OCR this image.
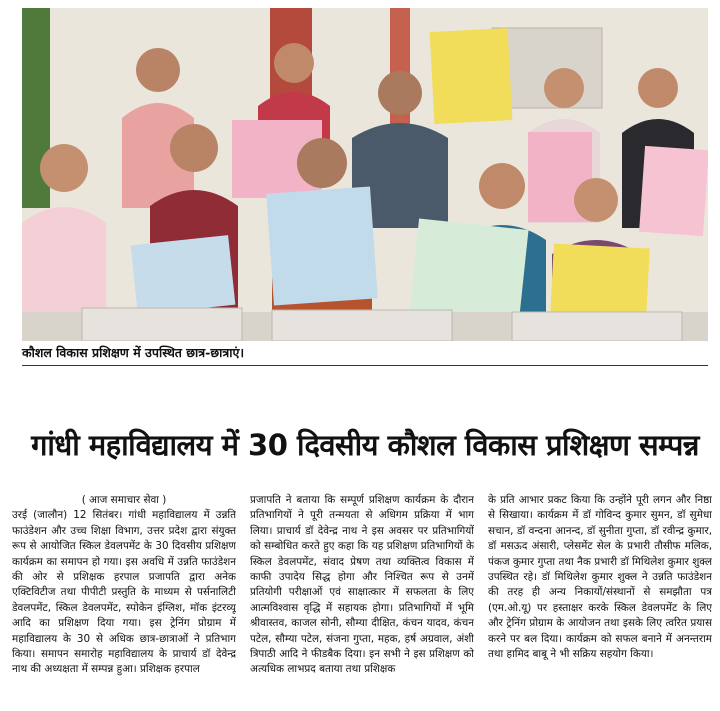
कौशल विकास प्रशिक्षण में उपस्थित छात्र-छात्राएं।
गांधी महाविद्यालय में 30 दिवसीय कौशल विकास प्रशिक्षण सम्पन्न

( आज समाचार सेवा )

उरई (जालौन) 12 सितंबर। गांधी महाविद्यालय में उन्नति फाउंडेशन और उच्च शिक्षा विभाग, उत्तर प्रदेश द्वारा संयुक्त रूप से आयोजित स्किल डेवलपमेंट के 30 दिवसीय प्रशिक्षण कार्यक्रम का समापन हो गया। इस अवधि में उन्नति फाउंडेशन की ओर से प्रशिक्षक हरपाल प्रजापति द्वारा अनेक एक्टिविटीज तथा पीपीटी प्रस्तुति के माध्यम से पर्सनालिटी डेवलपमेंट, स्किल डेवलपमेंट, स्पोकेन इंग्लिश, मॉक इंटरव्यू आदि का प्रशिक्षण दिया गया। इस ट्रेनिंग प्रोग्राम में महाविद्यालय के 30 से अधिक छात्र-छात्राओं ने प्रतिभाग किया। समापन समारोह महाविद्यालय के प्राचार्य डॉ देवेन्द्र नाथ की अध्यक्षता में सम्पन्न हुआ। प्रशिक्षक हरपाल

प्रजापति ने बताया कि सम्पूर्ण प्रशिक्षण कार्यक्रम के दौरान प्रतिभागियों ने पूरी तन्मयता से अधिगम प्रक्रिया में भाग लिया। प्राचार्य डॉ देवेन्द्र नाथ ने इस अवसर पर प्रतिभागियों को सम्बोधित करते हुए कहा कि यह प्रशिक्षण प्रतिभागियों के स्किल डेवलपमेंट, संवाद प्रेषण तथा व्यक्तित्व विकास में काफी उपादेय सिद्ध होगा और निश्चित रूप से उनमें प्रतियोगी परीक्षाओं एवं साक्षात्कार में सफलता के लिए आत्मविश्वास वृद्धि में सहायक होगा। प्रतिभागियों में भूमि श्रीवास्तव, काजल सोनी, सौम्या दीक्षित, कंचन यादव, कंचन पटेल, सौम्या पटेल, संजना गुप्ता, महक, हर्ष अग्रवाल, अंशी त्रिपाठी आदि ने फीडबैक दिया। इन सभी ने इस प्रशिक्षण को अत्यधिक लाभप्रद बताया तथा प्रशिक्षक

के प्रति आभार प्रकट किया कि उन्होंने पूरी लगन और निष्ठा से सिखाया। कार्यक्रम में डॉ गोविन्द कुमार सुमन, डॉ सुमेधा सचान, डॉ वन्दना आनन्द, डॉ सुनीता गुप्ता, डॉ रवीन्द्र कुमार, डॉ मसऊद अंसारी, प्लेसमेंट सेल के प्रभारी तौसीफ मलिक, पंकज कुमार गुप्ता तथा नैक प्रभारी डॉ मिथिलेश कुमार शुक्ल उपस्थित रहे। डॉ मिथिलेश कुमार शुक्ल ने उन्नति फाउंडेशन की तरह ही अन्य निकायों/संस्थानों से समझौता पत्र (एम.ओ.यू) पर हस्ताक्षर करके स्किल डेवलपमेंट के लिए और ट्रेनिंग प्रोग्राम के आयोजन तथा इसके लिए त्वरित प्रयास करने पर बल दिया। कार्यक्रम को सफल बनाने में अनन्तराम तथा हामिद बाबू ने भी सक्रिय सहयोग किया।
